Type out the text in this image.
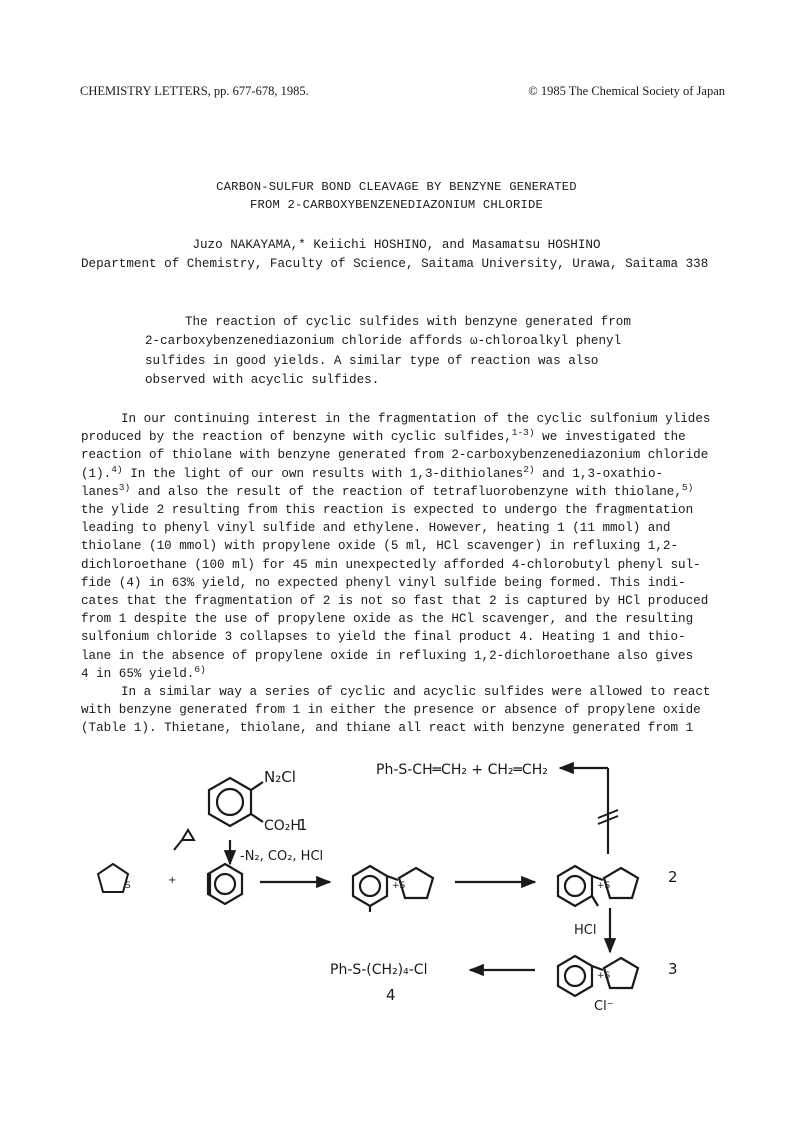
CHEMISTRY LETTERS, pp. 677-678, 1985.	© 1985 The Chemical Society of Japan
CARBON-SULFUR BOND CLEAVAGE BY BENZYNE GENERATED
FROM 2-CARBOXYBENZENEDIAZONIUM CHLORIDE
Juzo NAKAYAMA,* Keiichi HOSHINO, and Masamatsu HOSHINO
Department of Chemistry, Faculty of Science, Saitama University, Urawa, Saitama 338
The reaction of cyclic sulfides with benzyne generated from
2-carboxybenzenediazonium chloride affords ω-chloroalkyl phenyl
sulfides in good yields. A similar type of reaction was also
observed with acyclic sulfides.
In our continuing interest in the fragmentation of the cyclic sulfonium ylides
produced by the reaction of benzyne with cyclic sulfides,$^{1-3)}$ we investigated the
reaction of thiolane with benzyne generated from 2-carboxybenzenediazonium chloride
(1).$^{4)}$ In the light of our own results with 1,3-dithiolanes$^{2)}$ and 1,3-oxathio-
lanes$^{3)}$ and also the result of the reaction of tetrafluorobenzyne with thiolane,$^{5)}$
the ylide 2 resulting from this reaction is expected to undergo the fragmentation
leading to phenyl vinyl sulfide and ethylene. However, heating 1 (11 mmol) and
thiolane (10 mmol) with propylene oxide (5 ml, HCl scavenger) in refluxing 1,2-
dichloroethane (100 ml) for 45 min unexpectedly afforded 4-chlorobutyl phenyl sul-
fide (4) in 63% yield, no expected phenyl vinyl sulfide being formed. This indi-
cates that the fragmentation of 2 is not so fast that 2 is captured by HCl produced
from 1 despite the use of propylene oxide as the HCl scavenger, and the resulting
sulfonium chloride 3 collapses to yield the final product 4. Heating 1 and thio-
lane in the absence of propylene oxide in refluxing 1,2-dichloroethane also gives
4 in 65% yield.$^{6)}$
In a similar way a series of cyclic and acyclic sulfides were allowed to react
with benzyne generated from 1 in either the presence or absence of propylene oxide
(Table 1). Thietane, thiolane, and thiane all react with benzyne generated from 1
N₂Cl
CO₂H
1
-N₂, CO₂, HCl
S	+	+S	+S	2
Ph-S-CH═CH₂ + CH₂═CH₂
HCl
+S
Cl⁻
3
Ph-S-(CH₂)₄-Cl
4
